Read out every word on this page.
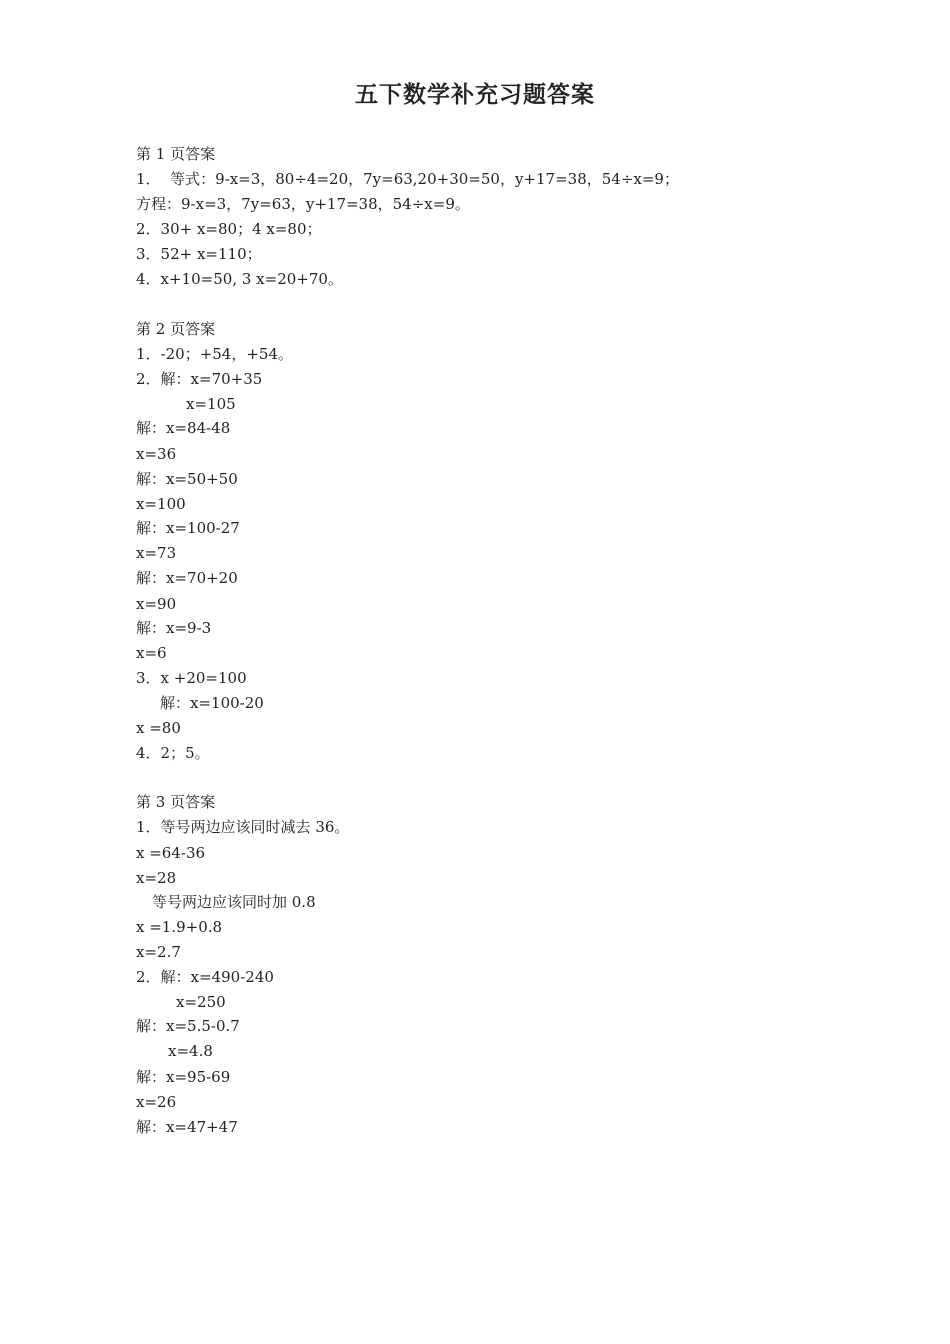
五下数学补充习题答案
第 1 页答案
1．  等式：9-x=3，80÷4=20，7y=63,20+30=50，y+17=38，54÷x=9；
方程：9-x=3，7y=63，y+17=38，54÷x=9。
2．30+ x=80；4 x=80；
3．52+ x=110；
4．x+10=50, 3 x=20+70。
第 2 页答案
1．-20；+54，+54。
2．解：x=70+35
x=105
解：x=84-48
x=36
解：x=50+50
x=100
解：x=100-27
x=73
解：x=70+20
x=90
解：x=9-3
x=6
3．x +20=100
解：x=100-20
x =80
4．2；5。
第 3 页答案
1．等号两边应该同时减去 36。
x =64-36
x=28
等号两边应该同时加 0.8
x =1.9+0.8
x=2.7
2．解：x=490-240
x=250
解：x=5.5-0.7
x=4.8
解：x=95-69
x=26
解：x=47+47
